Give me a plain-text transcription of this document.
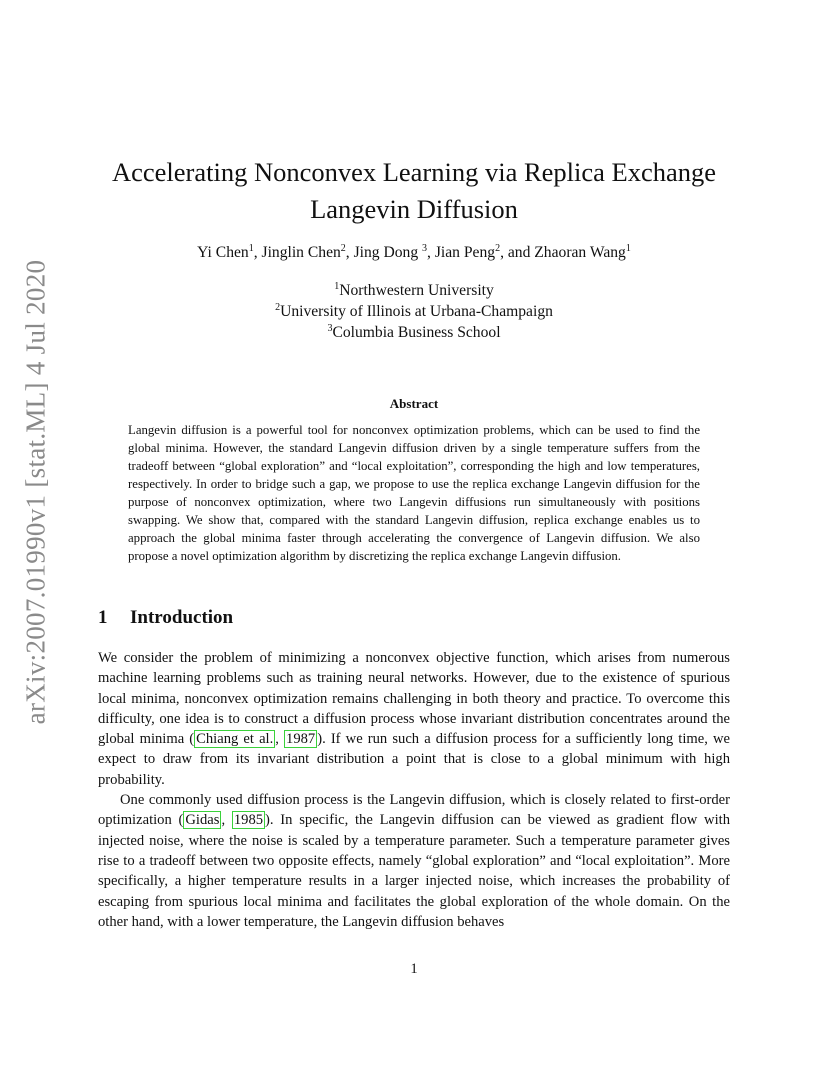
arXiv:2007.01990v1 [stat.ML] 4 Jul 2020
Accelerating Nonconvex Learning via Replica Exchange
Langevin Diffusion
Yi Chen$^1$, Jinglin Chen$^2$, Jing Dong $^3$, Jian Peng$^2$, and Zhaoran Wang$^1$
$^1$Northwestern University
$^2$University of Illinois at Urbana-Champaign
$^3$Columbia Business School
Abstract
Langevin diffusion is a powerful tool for nonconvex optimization problems, which can be used to find the global minima. However, the standard Langevin diffusion driven by a single temperature suffers from the tradeoff between “global exploration” and “local exploitation”, corresponding the high and low temperatures, respectively. In order to bridge such a gap, we propose to use the replica exchange Langevin diffusion for the purpose of nonconvex optimization, where two Langevin diffusions run simultaneously with positions swapping. We show that, compared with the standard Langevin diffusion, replica exchange enables us to approach the global minima faster through accelerating the convergence of Langevin diffusion. We also propose a novel optimization algorithm by discretizing the replica exchange Langevin diffusion.
1 Introduction

We consider the problem of minimizing a nonconvex objective function, which arises from numerous machine learning problems such as training neural networks. However, due to the existence of spurious local minima, nonconvex optimization remains challenging in both theory and practice. To overcome this difficulty, one idea is to construct a diffusion process whose invariant distribution concentrates around the global minima ( Chiang et al. , 1987 ). If we run such a diffusion process for a sufficiently long time, we expect to draw from its invariant distribution a point that is close to a global minimum with high probability.

One commonly used diffusion process is the Langevin diffusion, which is closely related to first-order optimization ( Gidas , 1985 ). In specific, the Langevin diffusion can be viewed as gradient flow with injected noise, where the noise is scaled by a temperature parameter. Such a temperature parameter gives rise to a tradeoff between two opposite effects, namely “global exploration” and “local exploitation”. More specifically, a higher temperature results in a larger injected noise, which increases the probability of escaping from spurious local minima and facilitates the global exploration of the whole domain. On the other hand, with a lower temperature, the Langevin diffusion behaves

1
